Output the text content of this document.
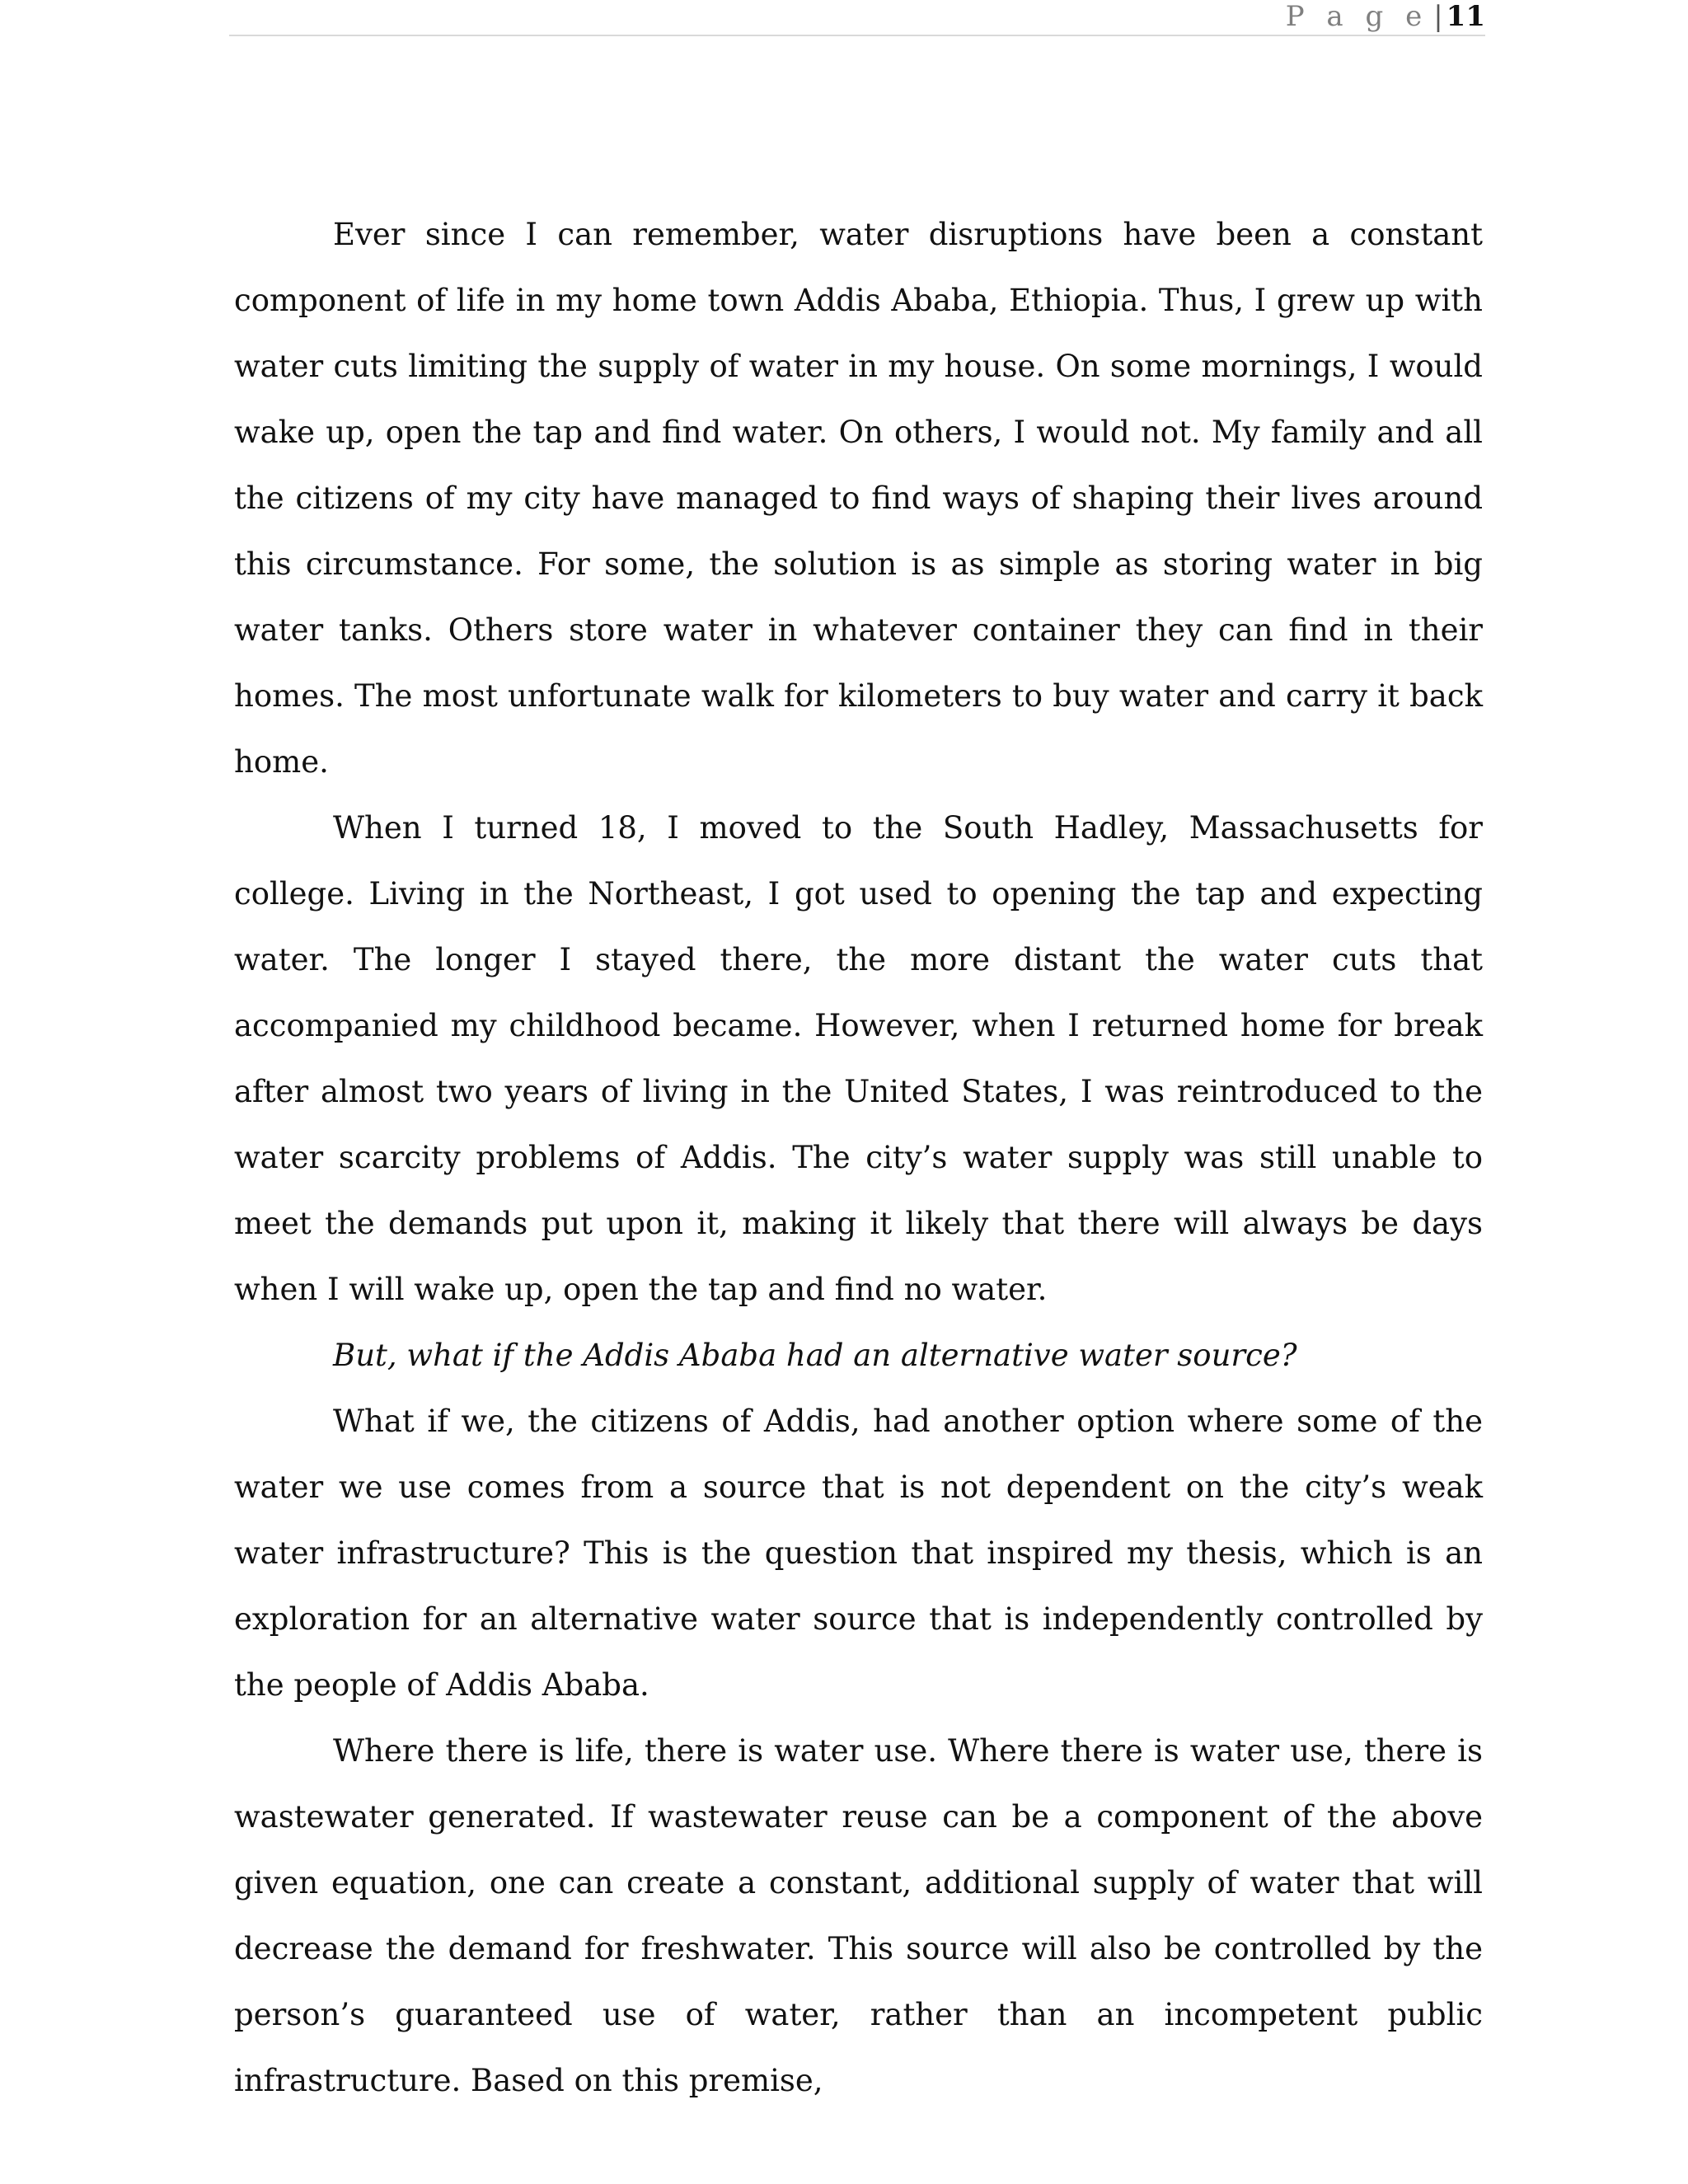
P a g e | 11

Ever since I can remember, water disruptions have been a constant component of life in my home town Addis Ababa, Ethiopia. Thus, I grew up with water cuts limiting the supply of water in my house. On some mornings, I would wake up, open the tap and find water. On others, I would not. My family and all the citizens of my city have managed to find ways of shaping their lives around this circumstance. For some, the solution is as simple as storing water in big water tanks. Others store water in whatever container they can find in their homes. The most unfortunate walk for kilometers to buy water and carry it back home.

When I turned 18, I moved to the South Hadley, Massachusetts for college. Living in the Northeast, I got used to opening the tap and expecting water. The longer I stayed there, the more distant the water cuts that accompanied my childhood became. However, when I returned home for break after almost two years of living in the United States, I was reintroduced to the water scarcity problems of Addis. The city’s water supply was still unable to meet the demands put upon it, making it likely that there will always be days when I will wake up, open the tap and find no water.

But, what if the Addis Ababa had an alternative water source?

What if we, the citizens of Addis, had another option where some of the water we use comes from a source that is not dependent on the city’s weak water infrastructure? This is the question that inspired my thesis, which is an exploration for an alternative water source that is independently controlled by the people of Addis Ababa.

Where there is life, there is water use. Where there is water use, there is wastewater generated. If wastewater reuse can be a component of the above given equation, one can create a constant, additional supply of water that will decrease the demand for freshwater. This source will also be controlled by the person’s guaranteed use of water, rather than an incompetent public infrastructure. Based on this premise,
